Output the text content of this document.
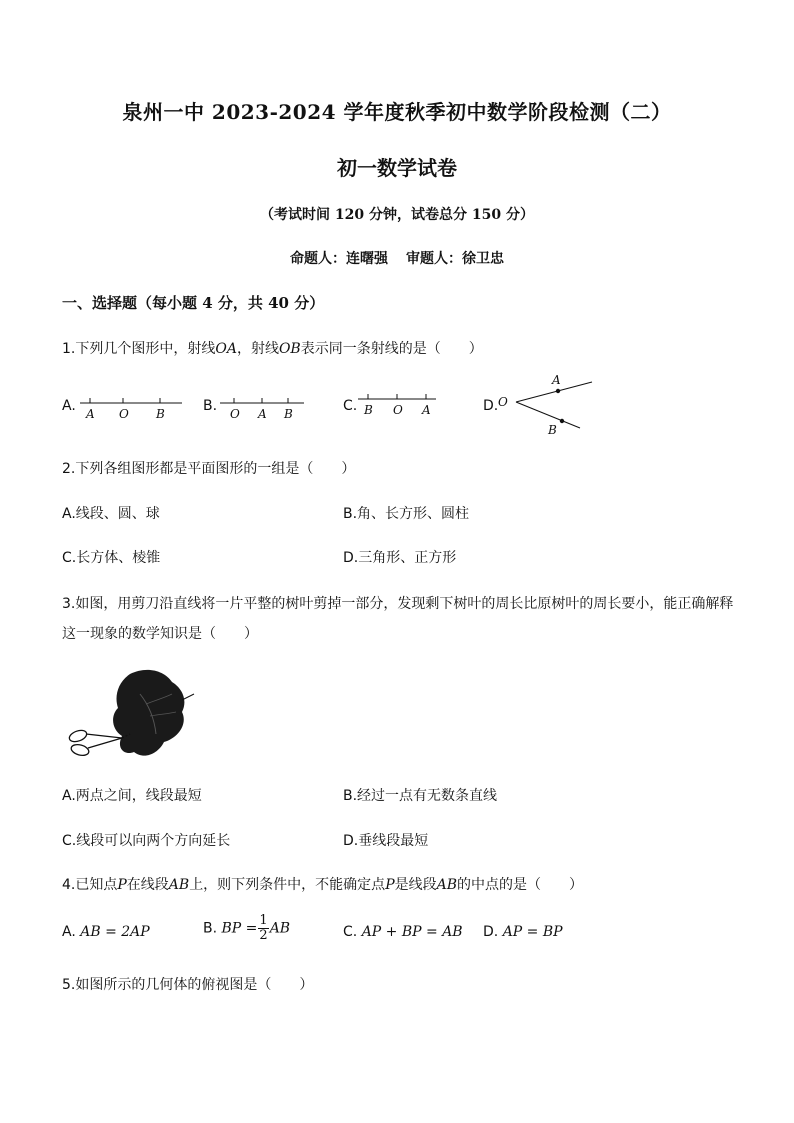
泉州一中 2023-2024 学年度秋季初中数学阶段检测（二）
初一数学试卷
（考试时间 120 分钟，试卷总分 150 分）
命题人：连曙强 审题人：徐卫忠
一、选择题（每小题 4 分，共 40 分）
1.下列几个图形中，射线OA，射线OB表示同一条射线的是（　　）
A. A O B	B. O A B	C. B O A	D. O
A
B
2.下列各组图形都是平面图形的一组是（　　）
A.线段、圆、球	B.角、长方形、圆柱
C.长方体、棱锥	D.三角形、正方形
3.如图，用剪刀沿直线将一片平整的树叶剪掉一部分，发现剩下树叶的周长比原树叶的周长要小，能正确解释
这一现象的数学知识是（　　）
A.两点之间，线段最短	B.经过一点有无数条直线
C.线段可以向两个方向延长	D.垂线段最短
4.已知点P在线段AB上，则下列条件中，不能确定点P是线段AB的中点的是（　　）
A. AB = 2AP	B. BP = $\frac{1}{2}$ AB	C. AP + BP = AB D. AP = BP
5.如图所示的几何体的俯视图是（　　）
